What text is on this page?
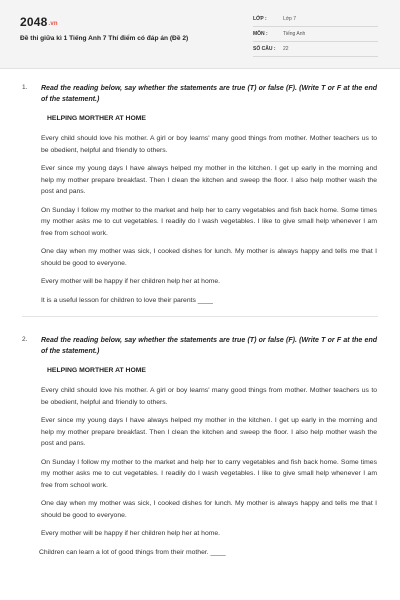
2048.vn
Đề thi giữa kì 1 Tiếng Anh 7 Thí điểm có đáp án (Đề 2)
LỚP :	Lớp 7
MÔN :	Tiếng Anh
SỐ CÂU :	22
1. Read the reading below, say whether the statements are true (T) or false (F). (Write T or F at the end of the statement.)
HELPING MORTHER AT HOME

Every child should love his mother. A girl or boy learns' many good things from mother. Mother teachers us to be obedient, helpful and friendly to others.

Ever since my young days I have always helped my mother in the kitchen. I get up early in the morning and help my mother prepare breakfast. Then I clean the kitchen and sweep the floor. I also help mother wash the post and pans.

On Sunday I follow my mother to the market and help her to carry vegetables and fish back home. Some times my mother asks me to cut vegetables. I readily do I wash vegetables. I like to give small help whenever I am free from school work.

One day when my mother was sick, I cooked dishes for lunch. My mother is always happy and tells me that I should be good to everyone.

Every mother will be happy if her children help her at home.

It is a useful lesson for children to love their parents ____
2. Read the reading below, say whether the statements are true (T) or false (F). (Write T or F at the end of the statement.)
HELPING MORTHER AT HOME

Every child should love his mother. A girl or boy learns' many good things from mother. Mother teachers us to be obedient, helpful and friendly to others.

Ever since my young days I have always helped my mother in the kitchen. I get up early in the morning and help my mother prepare breakfast. Then I clean the kitchen and sweep the floor. I also help mother wash the post and pans.

On Sunday I follow my mother to the market and help her to carry vegetables and fish back home. Some times my mother asks me to cut vegetables. I readily do I wash vegetables. I like to give small help whenever I am free from school work.

One day when my mother was sick, I cooked dishes for lunch. My mother is always happy and tells me that I should be good to everyone.

Every mother will be happy if her children help her at home.

Children can learn a lot of good things from their mother. ____
